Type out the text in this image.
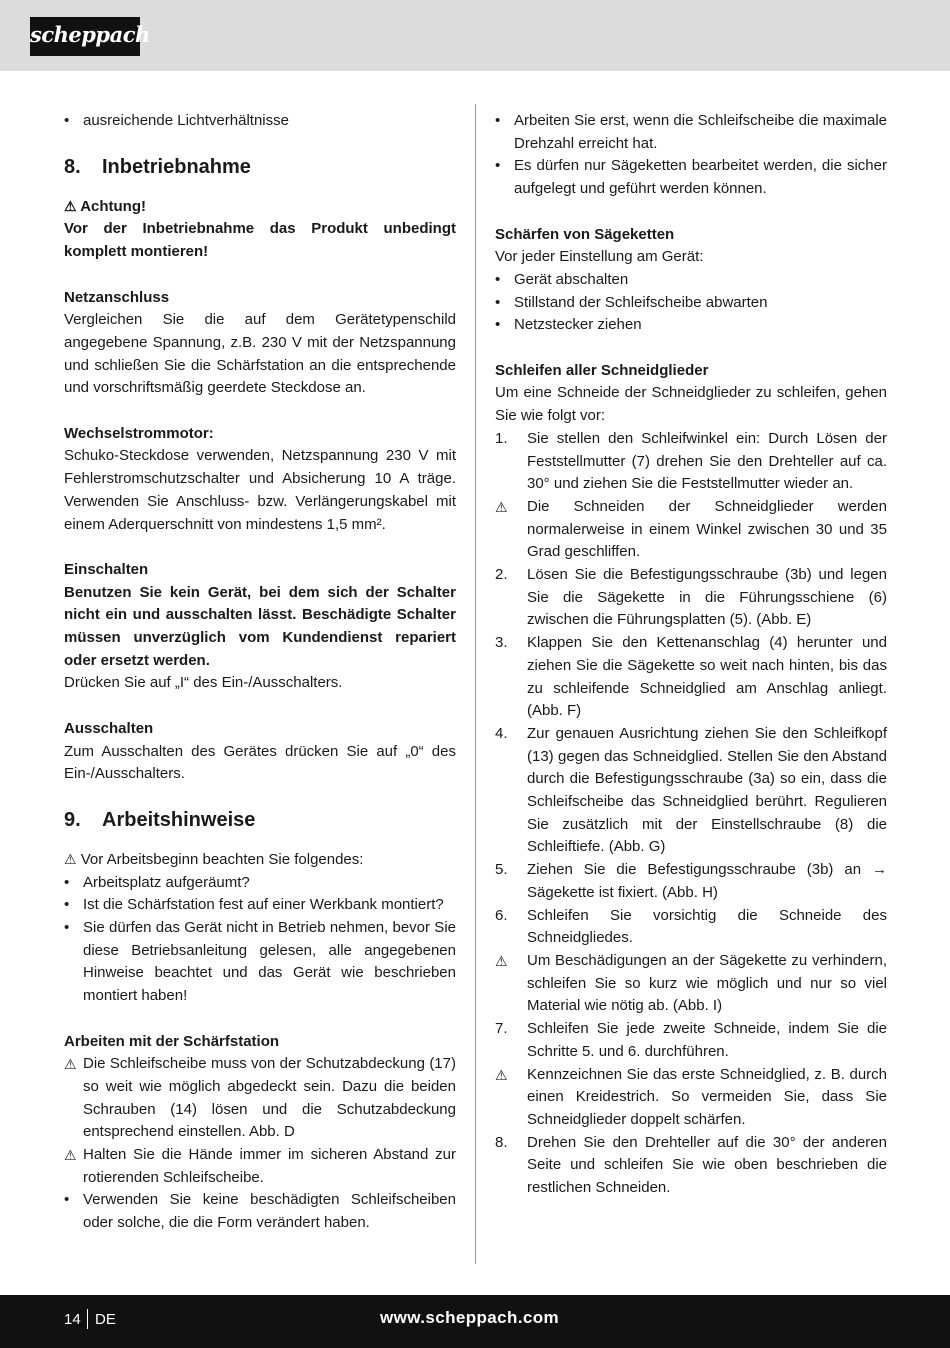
scheppach
• ausreichende Lichtverhältnisse
8.	Inbetriebnahme

⚠ Achtung!

Vor der Inbetriebnahme das Produkt unbedingt komplett montieren!

Netzanschluss

Vergleichen Sie die auf dem Gerätetypenschild angegebene Spannung, z.B. 230 V mit der Netzspannung und schließen Sie die Schärfstation an die entsprechende und vorschriftsmäßig geerdete Steckdose an.

Wechselstrommotor:

Schuko-Steckdose verwenden, Netzspannung 230 V mit Fehlerstromschutzschalter und Absicherung 10 A träge. Verwenden Sie Anschluss- bzw. Verlängerungskabel mit einem Aderquerschnitt von mindestens 1,5 mm².

Einschalten

Benutzen Sie kein Gerät, bei dem sich der Schalter nicht ein und ausschalten lässt. Beschädigte Schalter müssen unverzüglich vom Kundendienst repariert oder ersetzt werden.

Drücken Sie auf „I“ des Ein-/Ausschalters.

Ausschalten

Zum Ausschalten des Gerätes drücken Sie auf „0“ des Ein-/Ausschalters.

9.	Arbeitshinweise

⚠ Vor Arbeitsbeginn beachten Sie folgendes:

• Arbeitsplatz aufgeräumt?
• Ist die Schärfstation fest auf einer Werkbank montiert?
• Sie dürfen das Gerät nicht in Betrieb nehmen, bevor Sie diese Betriebsanleitung gelesen, alle angegebenen Hinweise beachtet und das Gerät wie beschrieben montiert haben!

Arbeiten mit der Schärfstation

⚠ Die Schleifscheibe muss von der Schutzabdeckung (17) so weit wie möglich abgedeckt sein. Dazu die beiden Schrauben (14) lösen und die Schutzabdeckung entsprechend einstellen. Abb. D
⚠ Halten Sie die Hände immer im sicheren Abstand zur rotierenden Schleifscheibe.
• Verwenden Sie keine beschädigten Schleifscheiben oder solche, die die Form verändert haben.
• Arbeiten Sie erst, wenn die Schleifscheibe die maximale Drehzahl erreicht hat.
• Es dürfen nur Sägeketten bearbeitet werden, die sicher aufgelegt und geführt werden können.

Schärfen von Sägeketten

Vor jeder Einstellung am Gerät:

• Gerät abschalten
• Stillstand der Schleifscheibe abwarten
• Netzstecker ziehen

Schleifen aller Schneidglieder

Um eine Schneide der Schneidglieder zu schleifen, gehen Sie wie folgt vor:

1. Sie stellen den Schleifwinkel ein: Durch Lösen der Feststellmutter (7) drehen Sie den Drehteller auf ca. 30° und ziehen Sie die Feststellmutter wieder an.
⚠ Die Schneiden der Schneidglieder werden normalerweise in einem Winkel zwischen 30 und 35 Grad geschliffen.
2. Lösen Sie die Befestigungsschraube (3b) und legen Sie die Sägekette in die Führungsschiene (6) zwischen die Führungsplatten (5). (Abb. E)
3. Klappen Sie den Kettenanschlag (4) herunter und ziehen Sie die Sägekette so weit nach hinten, bis das zu schleifende Schneidglied am Anschlag anliegt. (Abb. F)
4. Zur genauen Ausrichtung ziehen Sie den Schleifkopf (13) gegen das Schneidglied. Stellen Sie den Abstand durch die Befestigungsschraube (3a) so ein, dass die Schleifscheibe das Schneidglied berührt. Regulieren Sie zusätzlich mit der Einstellschraube (8) die Schleiftiefe. (Abb. G)
5. Ziehen Sie die Befestigungsschraube (3b) an → Sägekette ist fixiert. (Abb. H)
6. Schleifen Sie vorsichtig die Schneide des Schneidgliedes.
⚠ Um Beschädigungen an der Sägekette zu verhindern, schleifen Sie so kurz wie möglich und nur so viel Material wie nötig ab. (Abb. I)
7. Schleifen Sie jede zweite Schneide, indem Sie die Schritte 5. und 6. durchführen.
⚠ Kennzeichnen Sie das erste Schneidglied, z. B. durch einen Kreidestrich. So vermeiden Sie, dass Sie Schneidglieder doppelt schärfen.
8. Drehen Sie den Drehteller auf die 30° der anderen Seite und schleifen Sie wie oben beschrieben die restlichen Schneiden.
14 DE	www.scheppach.com
